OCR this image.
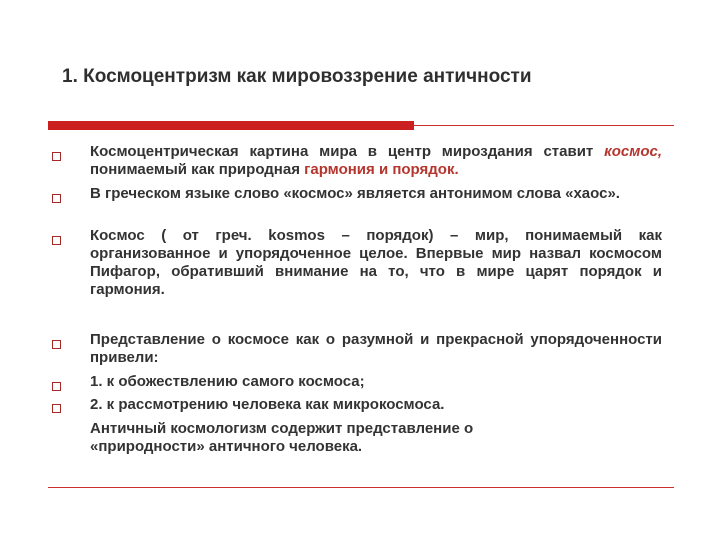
1. Космоцентризм как мировоззрение античности
Космоцентрическая картина мира в центр мироздания ставит космос, понимаемый как природная гармония и порядок.
В греческом языке слово «космос» является антонимом слова «хаос».
Космос ( от греч. kosmos – порядок) – мир, понимаемый как организованное и упорядоченное целое. Впервые мир назвал космосом Пифагор, обративший внимание на то, что в мире царят порядок и гармония.
Представление о космосе как о разумной и прекрасной упорядоченности привели:
1. к обожествлению самого космоса;
2. к рассмотрению человека как микрокосмоса.
Античный космологизм содержит представление о «природности» античного человека.
